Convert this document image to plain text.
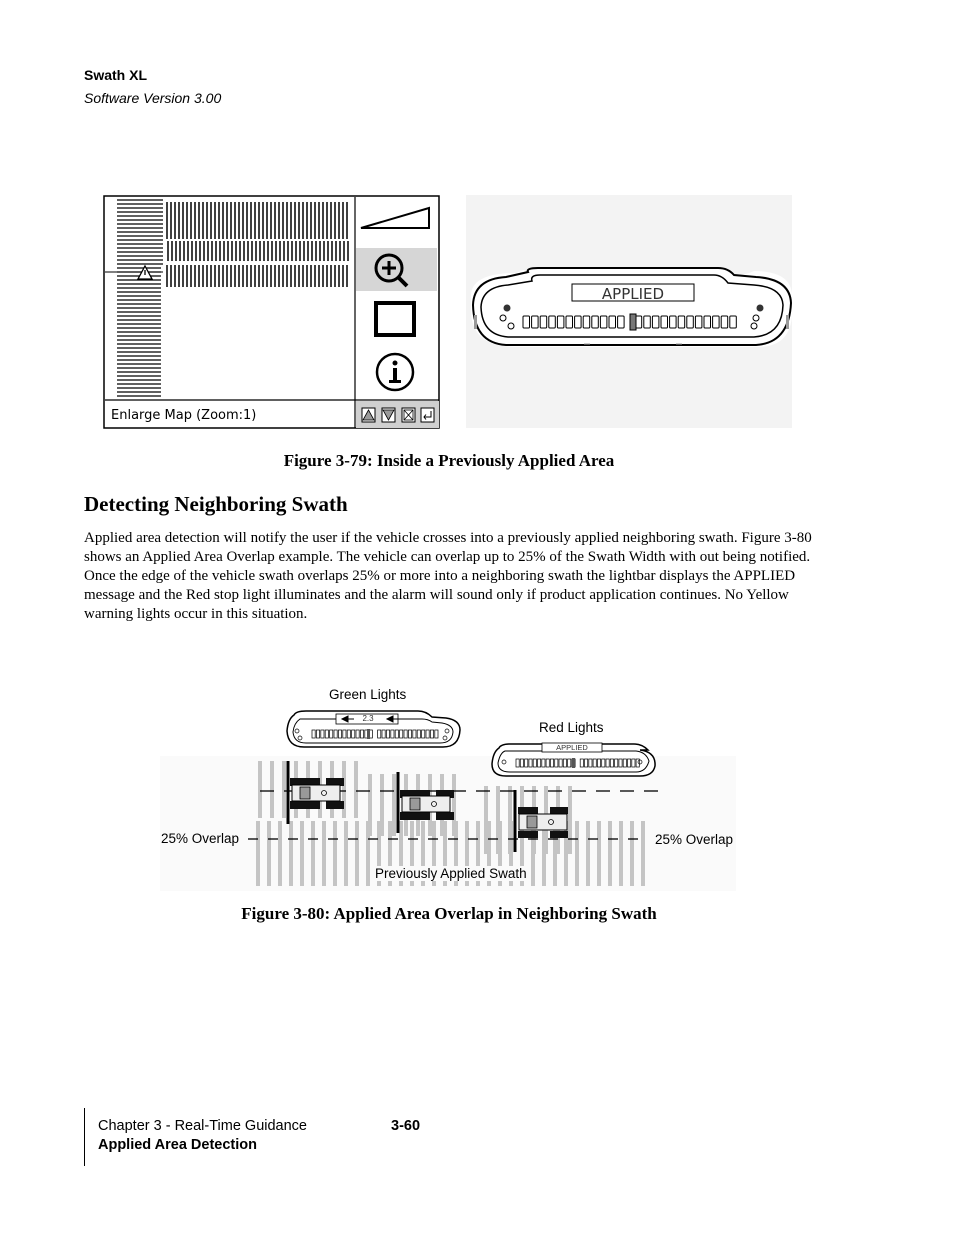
Swath XL
Software Version 3.00
Enlarge Map (Zoom:1)
APPLIED
Figure 3-79: Inside a Previously Applied Area
Detecting Neighboring Swath
Applied area detection will notify the user if the vehicle crosses into a previously applied neighboring swath. Figure 3-80 shows an Applied Area Overlap example. The vehicle can overlap up to 25% of the Swath Width with out being notified. Once the edge of the vehicle swath overlaps 25% or more into a neighboring swath the lightbar displays the APPLIED message and the Red stop light illuminates and the alarm will sound only if product application continues. No Yellow warning lights occur in this situation.
Green Lights
Red Lights
2.3
APPLIED
25% Overlap	25% Overlap
Previously Applied Swath
Figure 3-80: Applied Area Overlap in Neighboring Swath
Chapter 3 - Real-Time Guidance
Applied Area Detection
3-60
